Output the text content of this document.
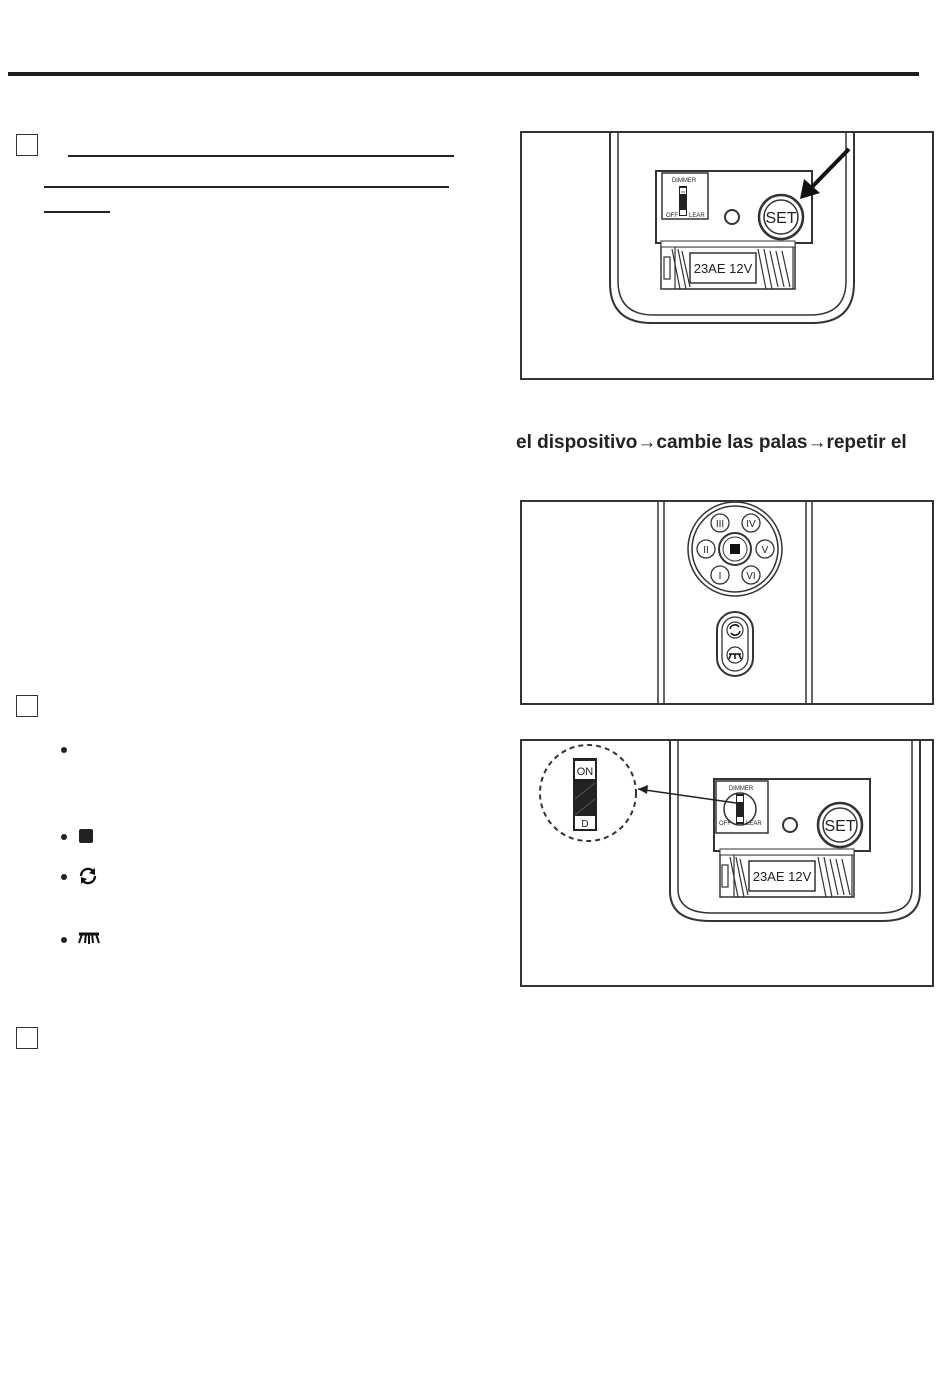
DIMMER
ON
OFF LEAR	SET
23AE 12V
el dispositivo→cambie las palas→repetir el
III IV
II	V
I VI
DIMMER
OFF	LEAR	SET
23AE 12V
ON
D
